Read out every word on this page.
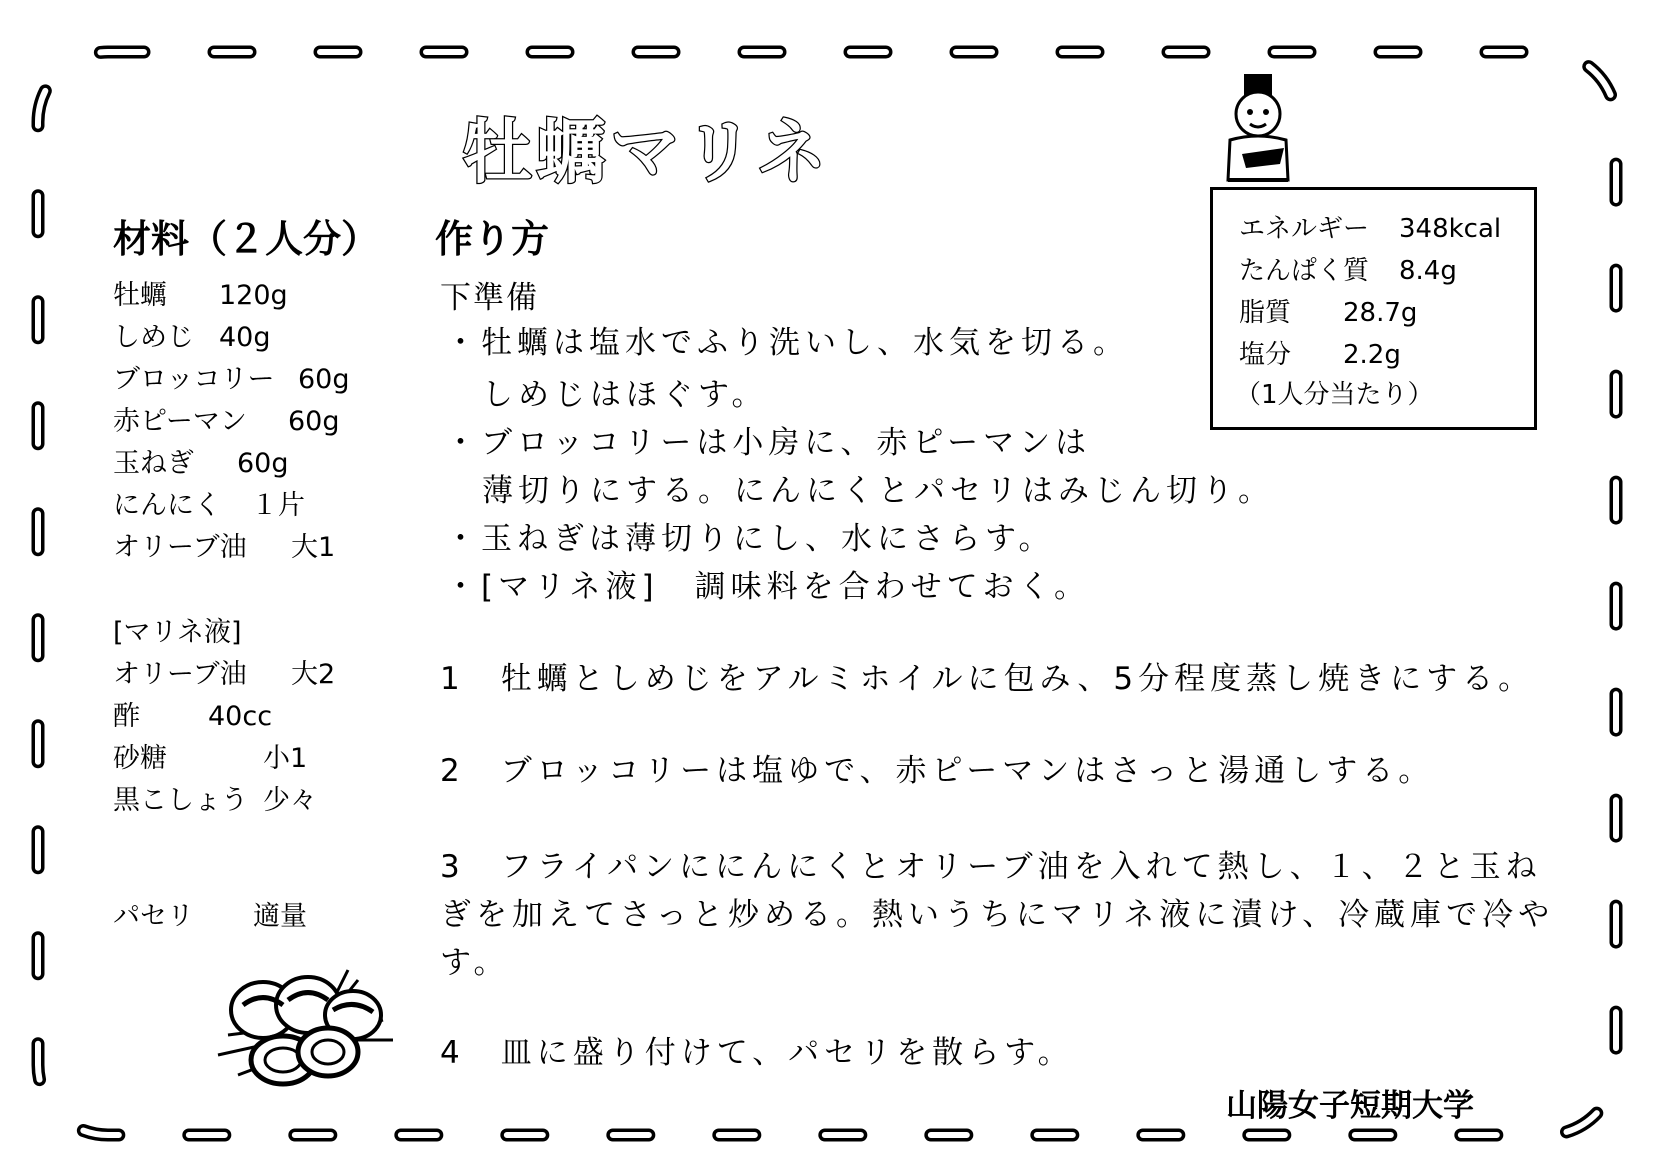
牡蠣マリネ
材料（２人分）
牡蠣 120g
しめじ 40g
ブロッコリー 60g
赤ピーマン 60g
玉ねぎ 60g
にんにく １片
オリーブ油 大1
[マリネ液]
オリーブ油 大2
酢	40cc
砂糖	小1
黒こしょう 少々
パセリ 適量
作り方
下準備
・牡蠣は塩水でふり洗いし、水気を切る。
しめじはほぐす。
・ブロッコリーは小房に、赤ピーマンは
薄切りにする。にんにくとパセリはみじん切り。
・玉ねぎは薄切りにし、水にさらす。
・[マリネ液]　調味料を合わせておく。
1　牡蠣としめじをアルミホイルに包み、5分程度蒸し焼きにする。
2　ブロッコリーは塩ゆで、赤ピーマンはさっと湯通しする。
3　フライパンににんにくとオリーブ油を入れて熱し、１、２と玉ね
ぎを加えてさっと炒める。熱いうちにマリネ液に漬け、冷蔵庫で冷や
す。
4　皿に盛り付けて、パセリを散らす。
エネルギー 348kcal
たんぱく質 8.4g
脂質 28.7g
塩分 2.2g
（1人分当たり）
山陽女子短期大学
